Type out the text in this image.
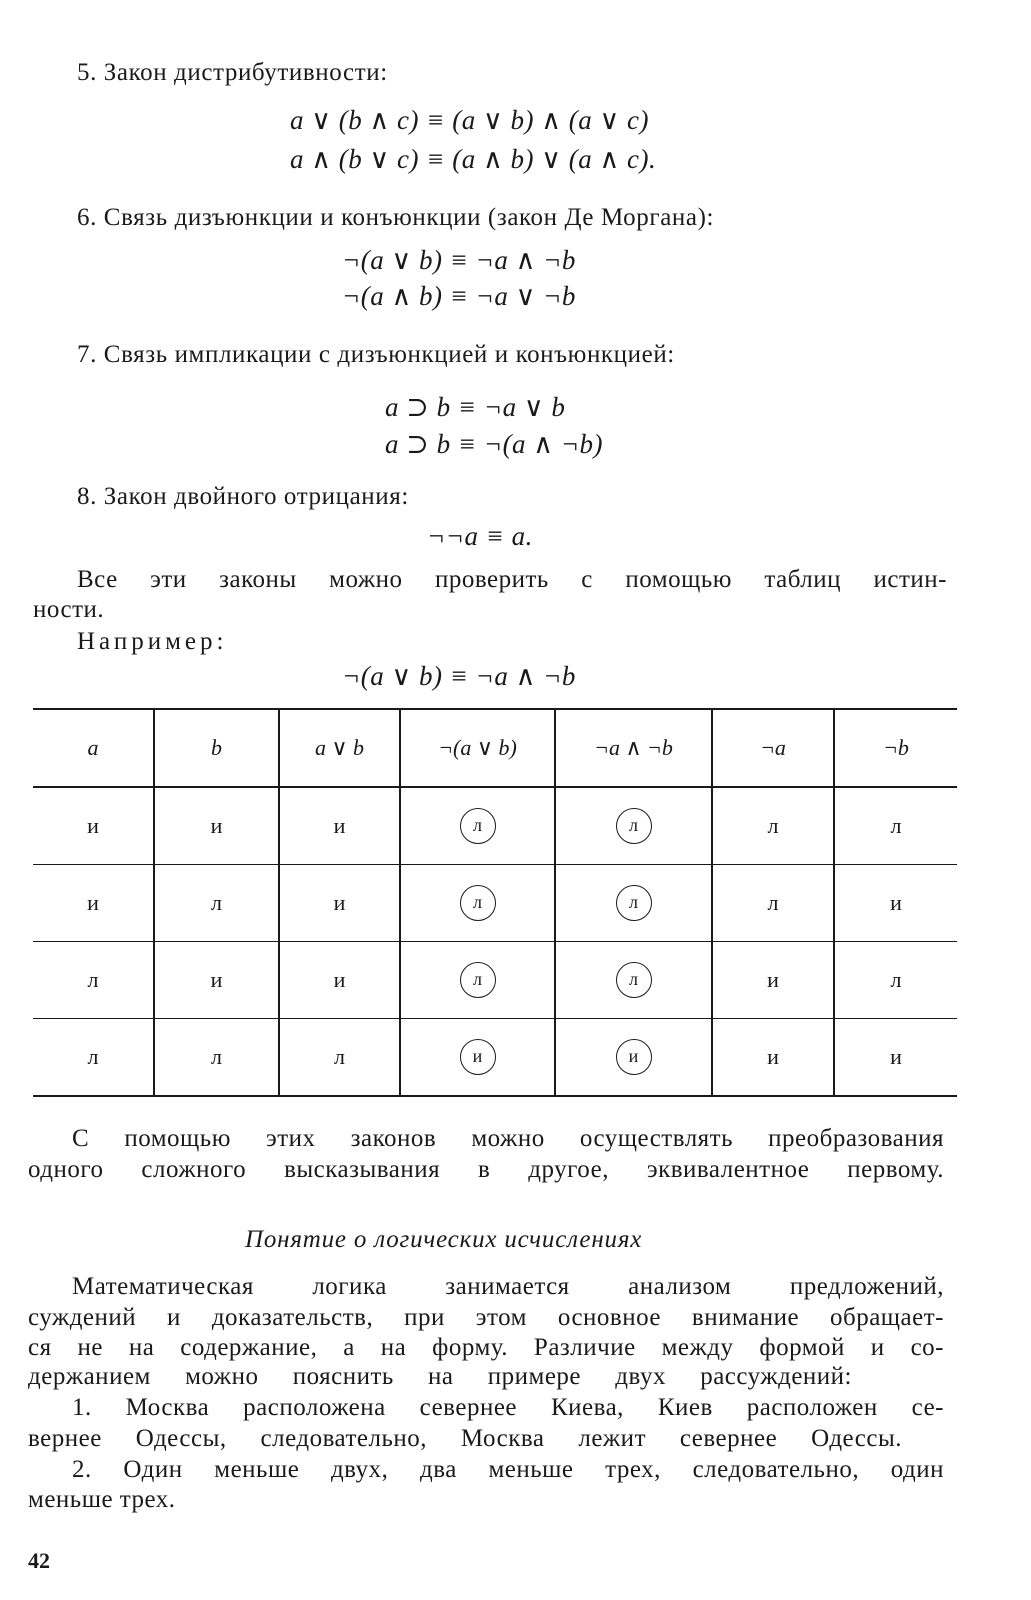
5. Закон дистрибутивности:
a ∨ (b ∧ c) ≡ (a ∨ b) ∧ (a ∨ c)
a ∧ (b ∨ c) ≡ (a ∧ b) ∨ (a ∧ c).
6. Связь дизъюнкции и конъюнкции (закон Де Моргана):
¬(a ∨ b) ≡ ¬a ∧ ¬b
¬(a ∧ b) ≡ ¬a ∨ ¬b
7. Связь импликации с дизъюнкцией и конъюнкцией:
a ⊃ b ≡ ¬a ∨ b
a ⊃ b ≡ ¬(a ∧ ¬b)
8. Закон двойного отрицания:
¬¬a ≡ a.
Все эти законы можно проверить с помощью таблиц истин-
ности.
Например:
¬(a ∨ b) ≡ ¬a ∧ ¬b
a	b	a ∨ b	¬(a ∨ b)	¬a ∧ ¬b	¬a	¬b
и	и	и	л	л	л	л
и	л	и	л	л	л	и
л	и	и	л	л	и	л
л	л	л	и	и	и	и
С помощью этих законов можно осуществлять преобразования
одного сложного высказывания в другое, эквивалентное первому.
Понятие о логических исчислениях
Математическая логика занимается анализом предложений,
суждений и доказательств, при этом основное внимание обращает-
ся не на содержание, а на форму. Различие между формой и со-
держанием можно пояснить на примере двух рассуждений:
1. Москва расположена севернее Киева, Киев расположен се-
вернее Одессы, следовательно, Москва лежит севернее Одессы.
2. Один меньше двух, два меньше трех, следовательно, один
меньше трех.
42
